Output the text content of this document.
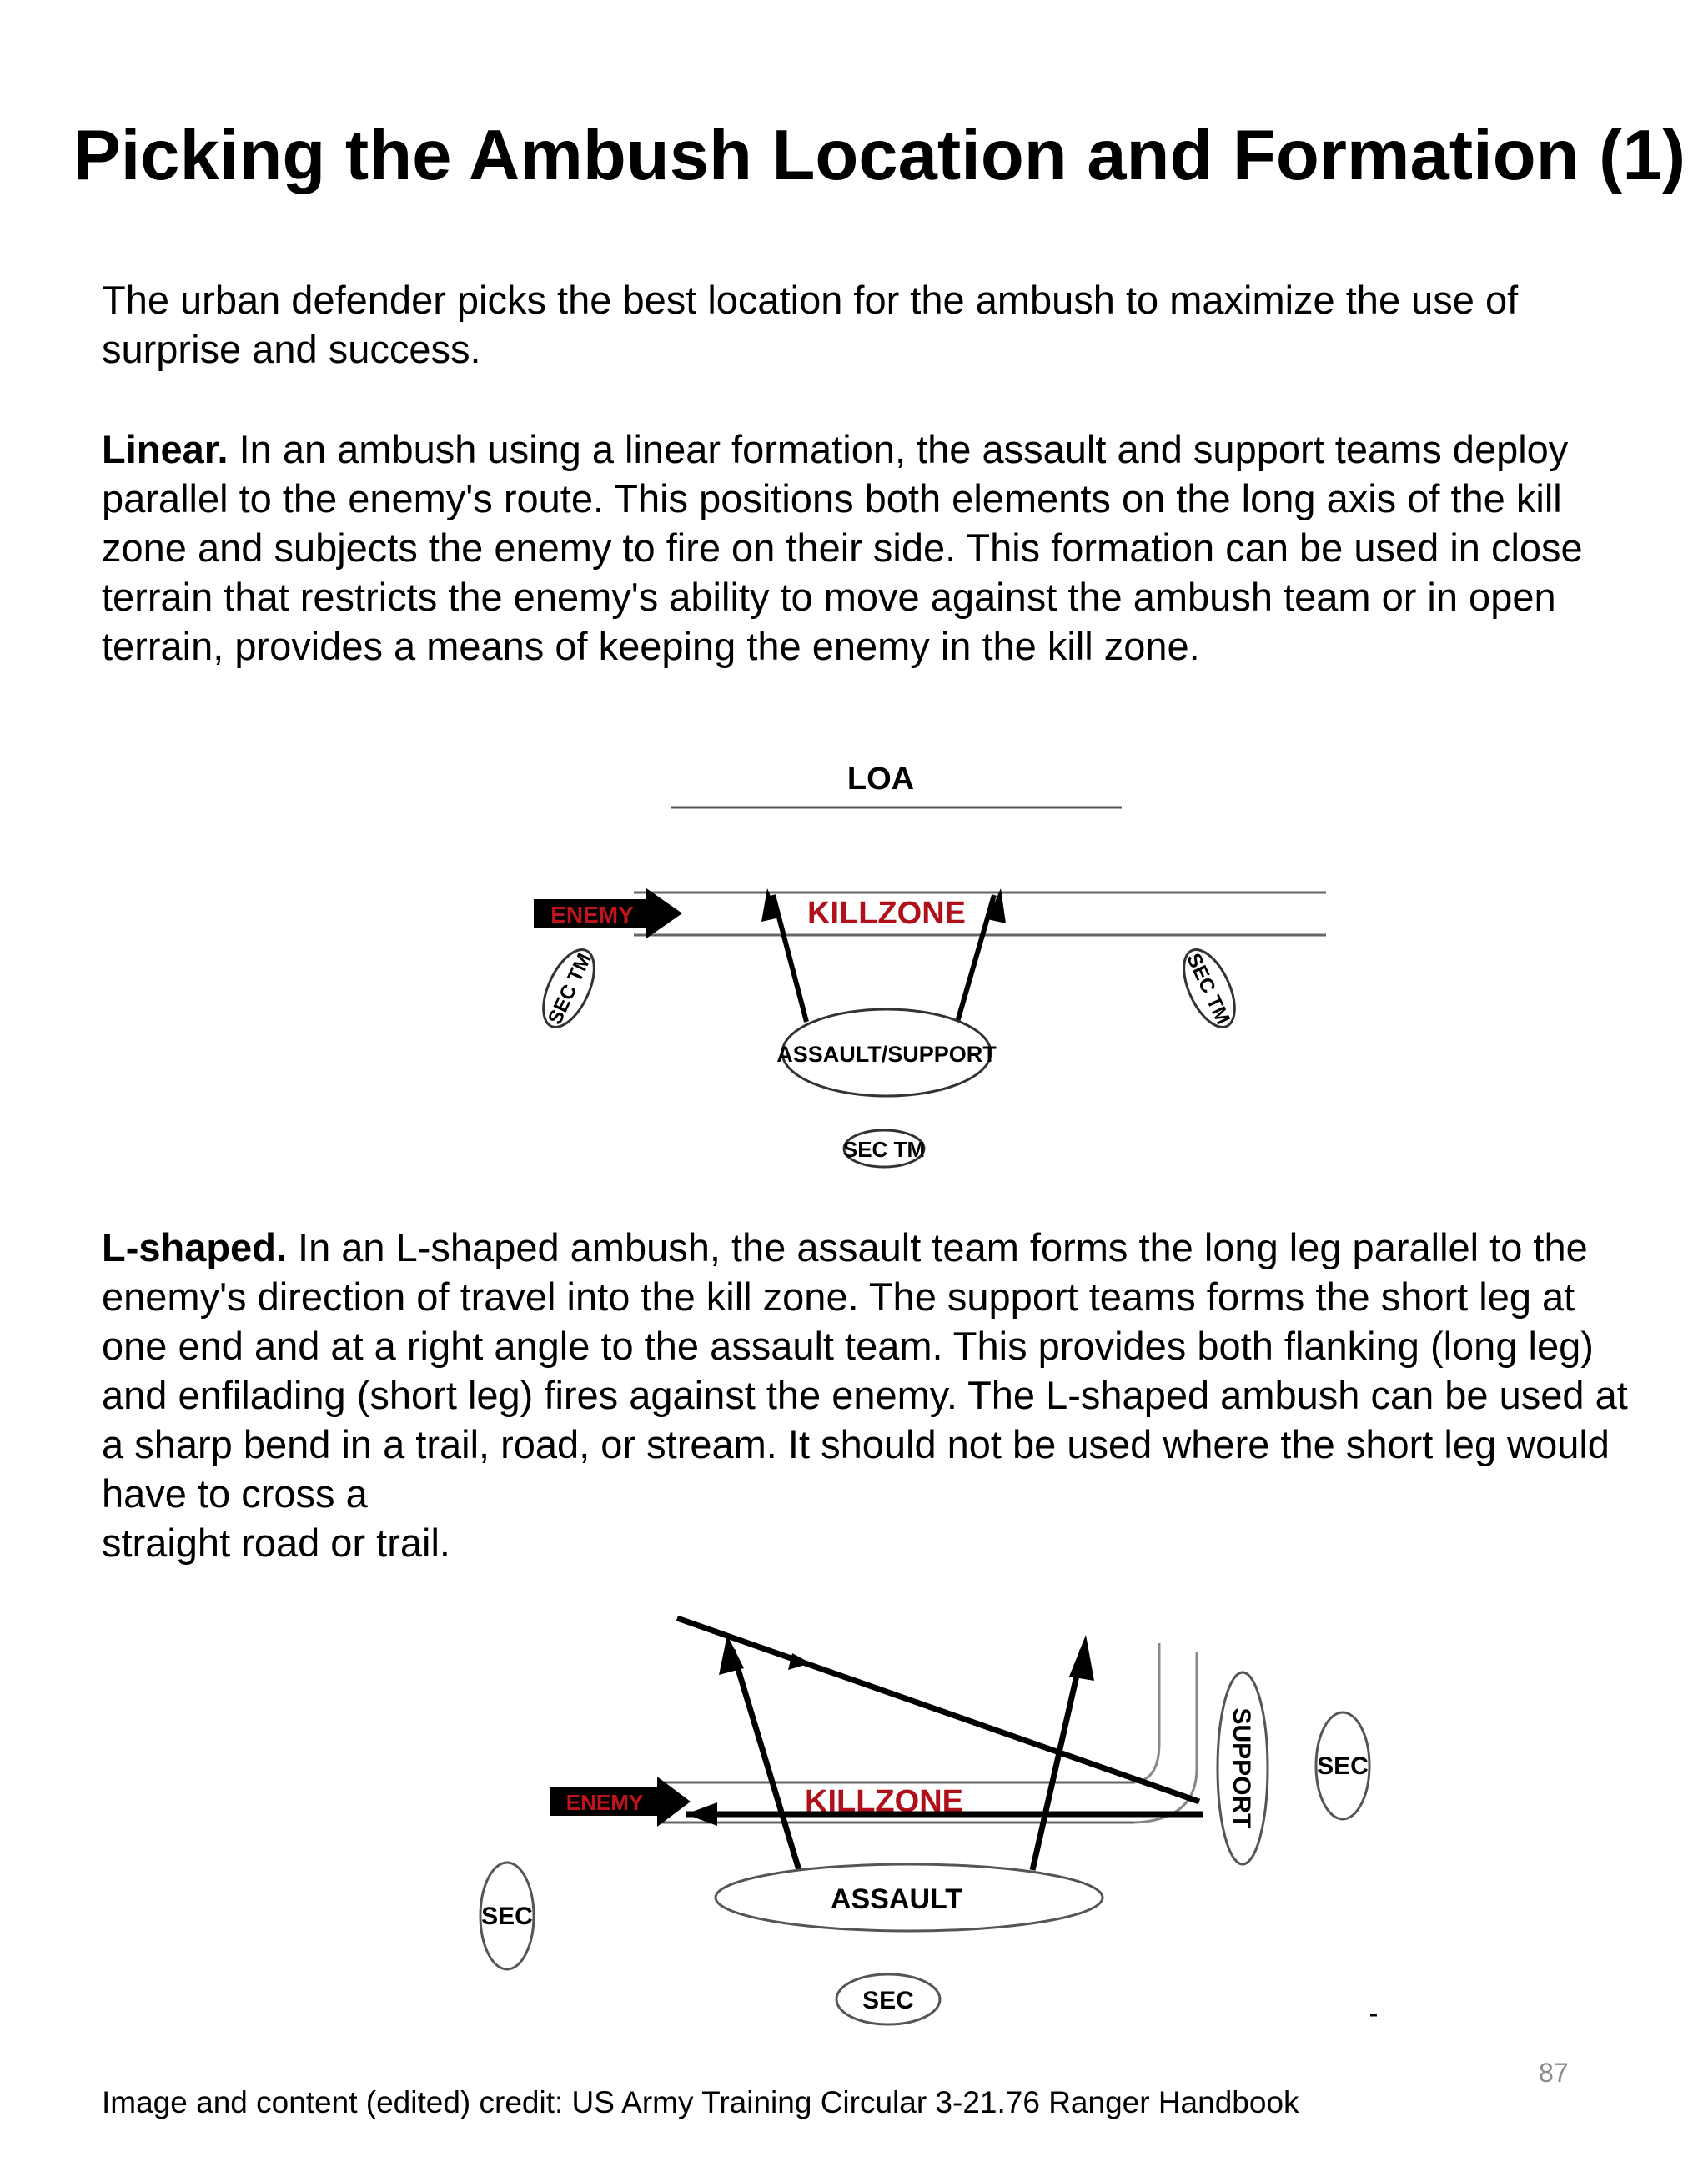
Picking the Ambush Location and Formation (1)

The urban defender picks the best location for the ambush to maximize the use of surprise and success.

Linear. In an ambush using a linear formation, the assault and support teams deploy parallel to the enemy's route. This positions both elements on the long axis of the kill zone and subjects the enemy to fire on their side. This formation can be used in close terrain that restricts the enemy's ability to move against the ambush team or in open terrain, provides a means of keeping the enemy in the kill zone.

LOA
ENEMY	KILLZONE
ASSAULT/SUPPORT
SEC TM
SEC TM	SEC TM

L-shaped. In an L-shaped ambush, the assault team forms the long leg parallel to the enemy's direction of travel into the kill zone. The support teams forms the short leg at one end and at a right angle to the assault team. This provides both flanking (long leg) and enfilading (short leg) fires against the enemy. The L-shaped ambush can be used at a sharp bend in a trail, road, or stream. It should not be used where the short leg would have to cross a
straight road or trail.

ENEMY	KILLZONE
ASSAULT
SUPPORT SEC
SEC
SEC
87
Image and content (edited) credit: US Army Training Circular 3-21.76 Ranger Handbook
